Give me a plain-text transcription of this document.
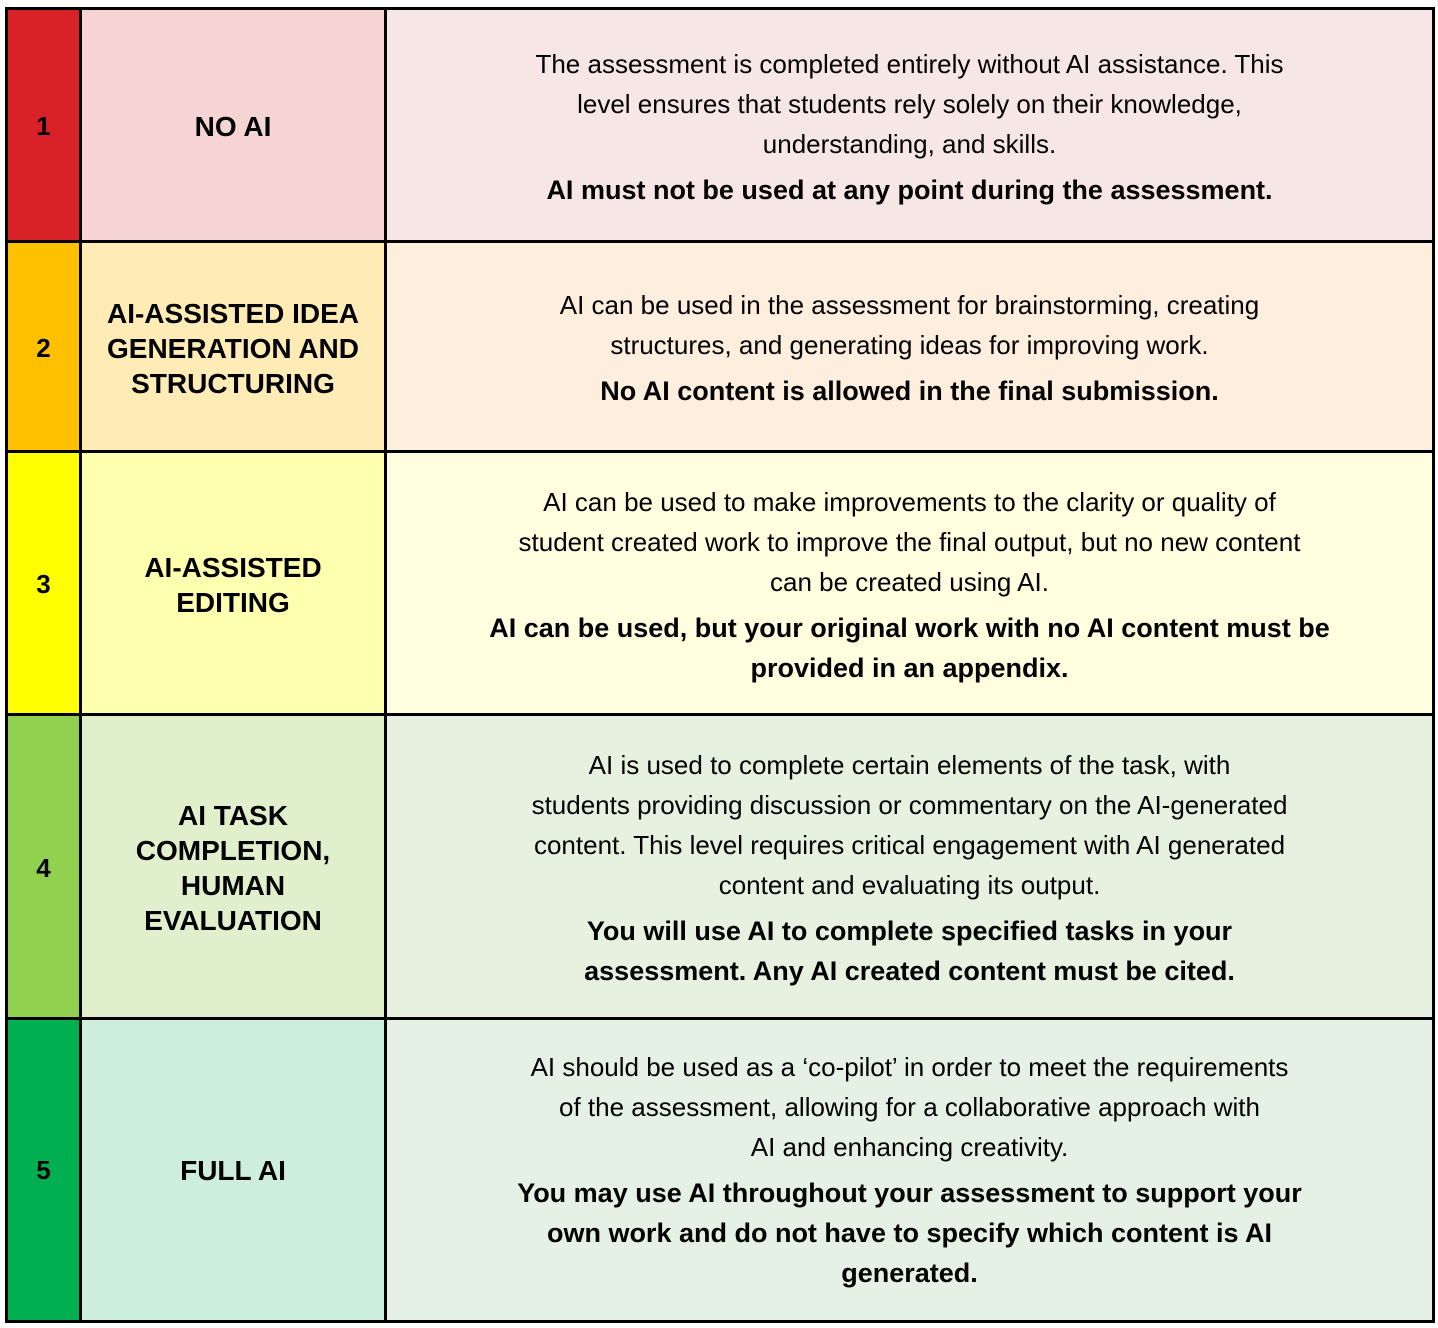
1	NO AI
The assessment is completed entirely without AI assistance. This
level ensures that students rely solely on their knowledge,
understanding, and skills.
AI must not be used at any point during the assessment.
2
AI-ASSISTED IDEA
GENERATION AND
STRUCTURING
AI can be used in the assessment for brainstorming, creating
structures, and generating ideas for improving work.
No AI content is allowed in the final submission.
3
AI-ASSISTED
EDITING
AI can be used to make improvements to the clarity or quality of
student created work to improve the final output, but no new content
can be created using AI.
AI can be used, but your original work with no AI content must be
provided in an appendix.
4
AI TASK
COMPLETION,
HUMAN
EVALUATION
AI is used to complete certain elements of the task, with
students providing discussion or commentary on the AI-generated
content. This level requires critical engagement with AI generated
content and evaluating its output.
You will use AI to complete specified tasks in your
assessment. Any AI created content must be cited.
5	FULL AI
AI should be used as a ‘co-pilot’ in order to meet the requirements
of the assessment, allowing for a collaborative approach with
AI and enhancing creativity.
You may use AI throughout your assessment to support your
own work and do not have to specify which content is AI
generated.
